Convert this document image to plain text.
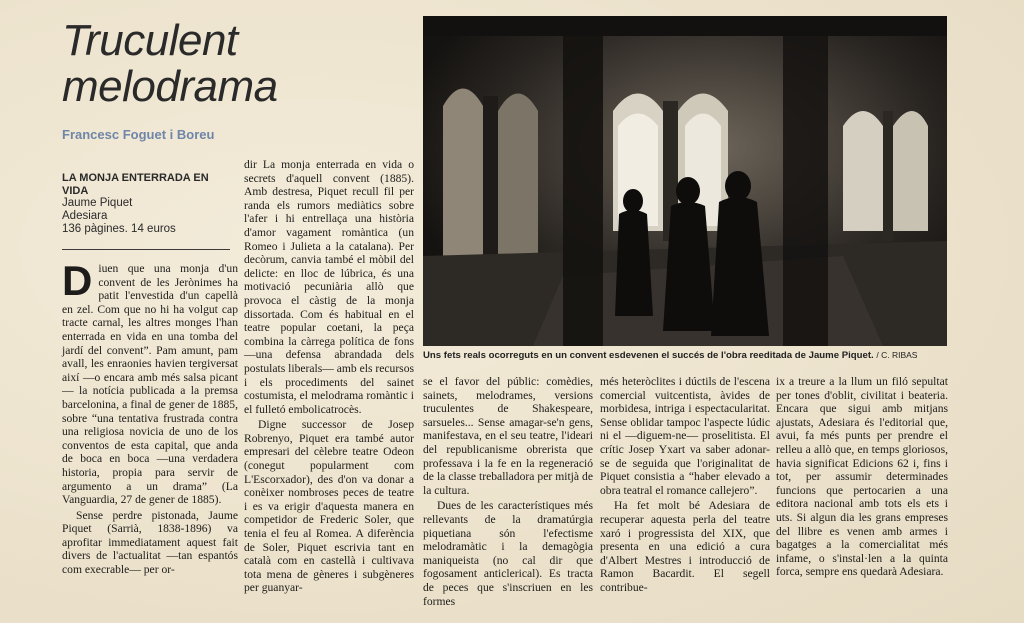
Truculent
melodrama
Francesc Foguet i Boreu
LA MONJA ENTERRADA EN VIDA
Jaume Piquet
Adesiara
136 pàgines. 14 euros

Diuen que una monja d'un convent de les Jerònimes ha patit l'envestida d'un capellà en zel. Com que no hi ha volgut cap tracte carnal, les altres monges l'han enterrada en vida en una tomba del jardí del convent”. Pam amunt, pam avall, les enraonies havien tergiversat així —o encara amb més salsa picant— la notícia publicada a la premsa barcelonina, a final de gener de 1885, sobre “una tentativa frustrada contra una religiosa novicia de uno de los conventos de esta capital, que anda de boca en boca —una verdadera historia, propia para servir de argumento a un drama” (La Vanguardia, 27 de gener de 1885).

Sense perdre pistonada, Jaume Piquet (Sarrià, 1838-1896) va aprofitar immediatament aquest fait divers de l'actualitat —tan espantós com execrable— per or-

dir La monja enterrada en vida o secrets d'aquell convent (1885). Amb destresa, Piquet recull fil per randa els rumors mediàtics sobre l'afer i hi entrellaça una història d'amor vagament romàntica (un Romeo i Julieta a la catalana). Per decòrum, canvia també el mòbil del delicte: en lloc de lúbrica, és una motivació pecuniària allò que provoca el càstig de la monja dissortada. Com és habitual en el teatre popular coetani, la peça combina la càrrega política de fons —una defensa abrandada dels postulats liberals— amb els recursos i els procediments del sainet costumista, el melodrama romàntic i el fulletó embolicatrocès.

Digne successor de Josep Robrenyo, Piquet era també autor empresari del cèlebre teatre Odeon (conegut popularment com L'Escorxador), des d'on va donar a conèixer nombroses peces de teatre i es va erigir d'aquesta manera en competidor de Frederic Soler, que tenia el feu al Romea. A diferència de Soler, Piquet escrivia tant en català com en castellà i cultivava tota mena de gèneres i subgèneres per guanyar-

Uns fets reals ocorreguts en un convent esdevenen el succés de l'obra reeditada de Jaume Piquet. / C. RIBAS

se el favor del públic: comèdies, sainets, melodrames, versions truculentes de Shakespeare, sarsueles... Sense amagar-se'n gens, manifestava, en el seu teatre, l'ideari del republicanisme obrerista que professava i la fe en la regeneració de la classe treballadora per mitjà de la cultura.

Dues de les característiques més rellevants de la dramatúrgia piquetiana són l'efectisme melodramàtic i la demagògia maniqueista (no cal dir que fogosament anticlerical). Es tracta de peces que s'inscriuen en les formes

més heteròclites i dúctils de l'escena comercial vuitcentista, àvides de morbidesa, intriga i espectacularitat. Sense oblidar tampoc l'aspecte lúdic ni el —diguem-ne— proselitista. El crític Josep Yxart va saber adonar-se de seguida que l'originalitat de Piquet consistia a “haber elevado a obra teatral el romance callejero”.

Ha fet molt bé Adesiara de recuperar aquesta perla del teatre xaró i progressista del XIX, que presenta en una edició a cura d'Albert Mestres i introducció de Ramon Bacardit. El segell contribue-

ix a treure a la llum un filó sepultat per tones d'oblit, civilitat i beateria. Encara que sigui amb mitjans ajustats, Adesiara és l'editorial que, avui, fa més punts per prendre el relleu a allò que, en temps gloriosos, havia significat Edicions 62 i, fins i tot, per assumir determinades funcions que pertocarien a una editora nacional amb tots els ets i uts. Si algun dia les grans empreses del llibre es venen amb armes i bagatges a la comercialitat més infame, o s'instal·len a la quinta forca, sempre ens quedarà Adesiara.
